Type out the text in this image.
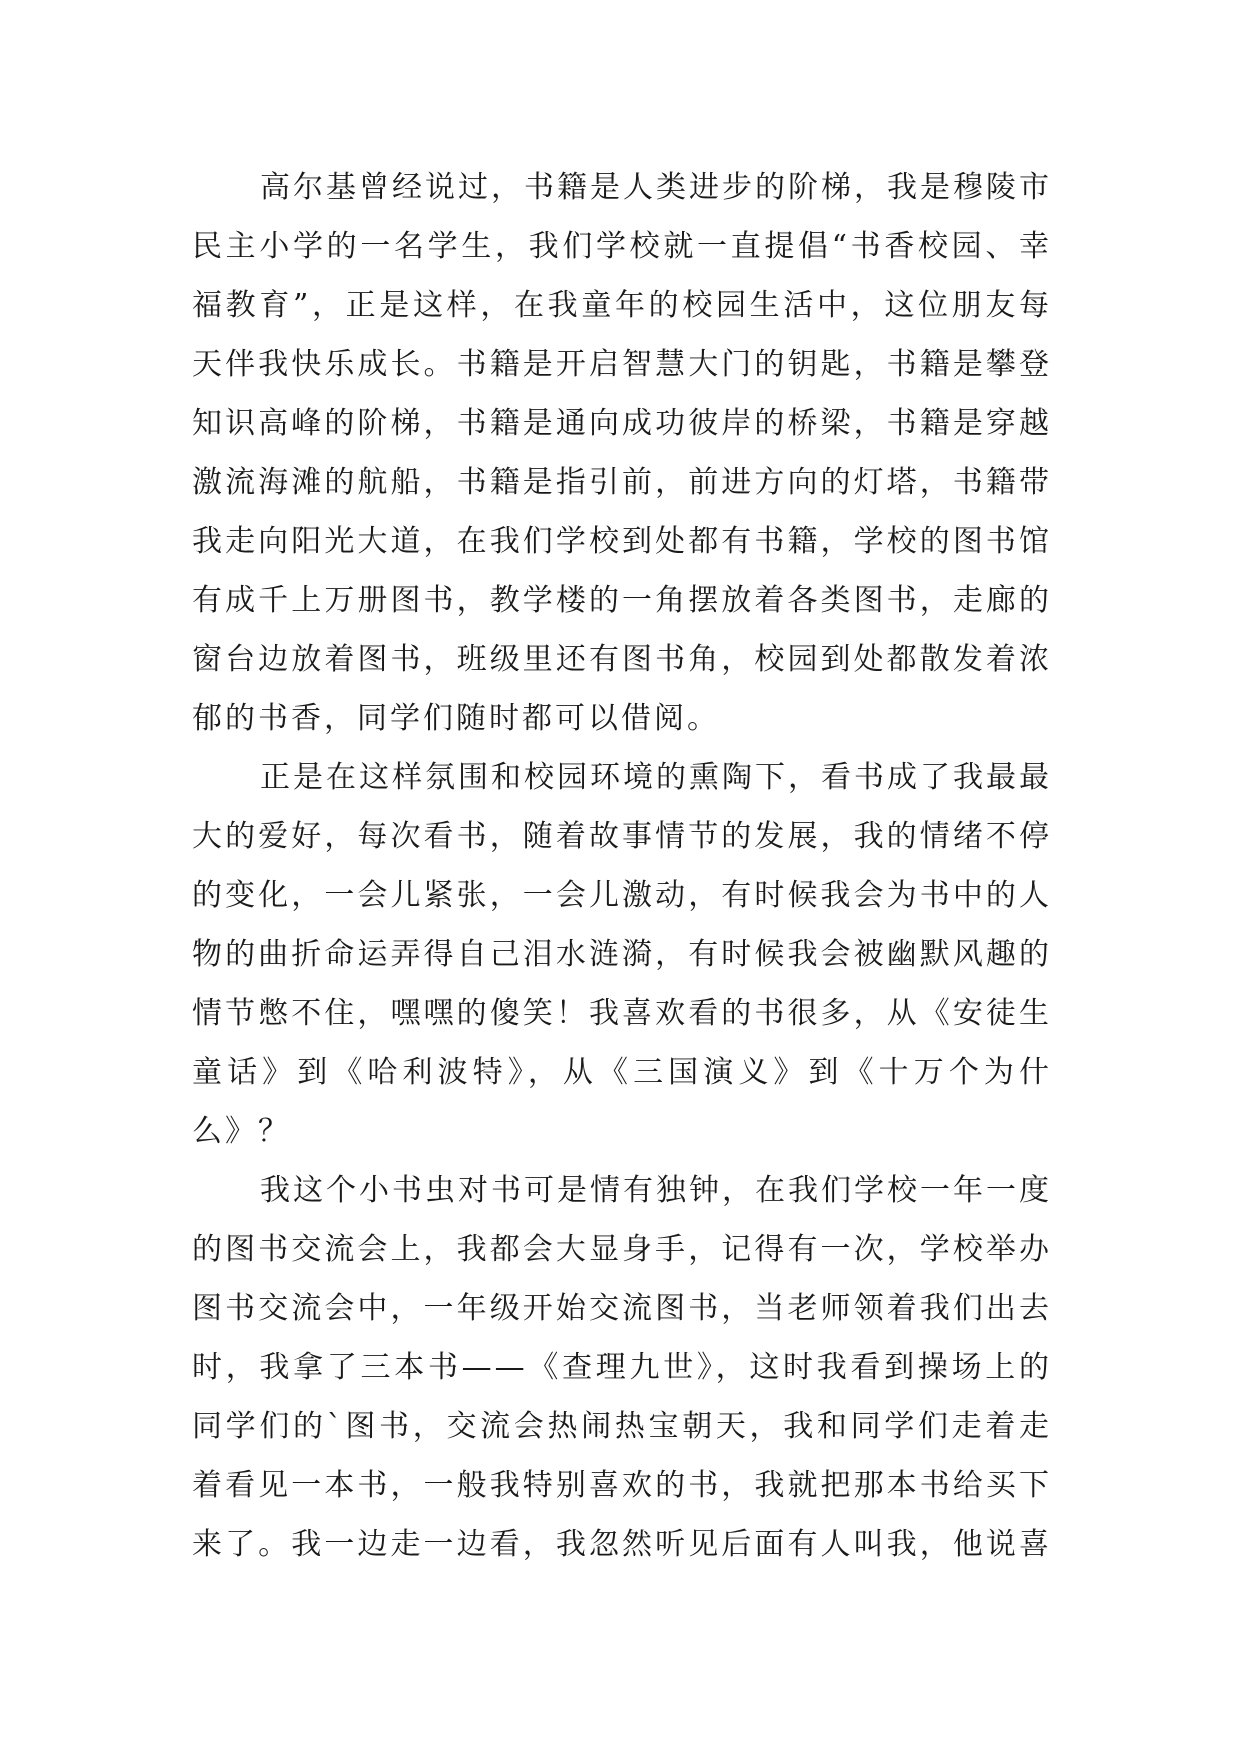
高尔基曾经说过，书籍是人类进步的阶梯，我是穆陵市
民主小学的一名学生，我们学校就一直提倡“书香校园、幸
福教育”，正是这样，在我童年的校园生活中，这位朋友每
天伴我快乐成长。书籍是开启智慧大门的钥匙，书籍是攀登
知识高峰的阶梯，书籍是通向成功彼岸的桥梁，书籍是穿越
激流海滩的航船，书籍是指引前，前进方向的灯塔，书籍带
我走向阳光大道，在我们学校到处都有书籍，学校的图书馆
有成千上万册图书，教学楼的一角摆放着各类图书，走廊的
窗台边放着图书，班级里还有图书角，校园到处都散发着浓
郁的书香，同学们随时都可以借阅。
正是在这样氛围和校园环境的熏陶下，看书成了我最最
大的爱好，每次看书，随着故事情节的发展，我的情绪不停
的变化，一会儿紧张，一会儿激动，有时候我会为书中的人
物的曲折命运弄得自己泪水涟漪，有时候我会被幽默风趣的
情节憋不住，嘿嘿的傻笑！我喜欢看的书很多，从《安徒生
童话》到《哈利波特》，从《三国演义》到《十万个为什
么》？
我这个小书虫对书可是情有独钟，在我们学校一年一度
的图书交流会上，我都会大显身手，记得有一次，学校举办
图书交流会中，一年级开始交流图书，当老师领着我们出去
时，我拿了三本书——《查理九世》，这时我看到操场上的
同学们的`图书，交流会热闹热宝朝天，我和同学们走着走
着看见一本书，一般我特别喜欢的书，我就把那本书给买下
来了。我一边走一边看，我忽然听见后面有人叫我，他说喜
